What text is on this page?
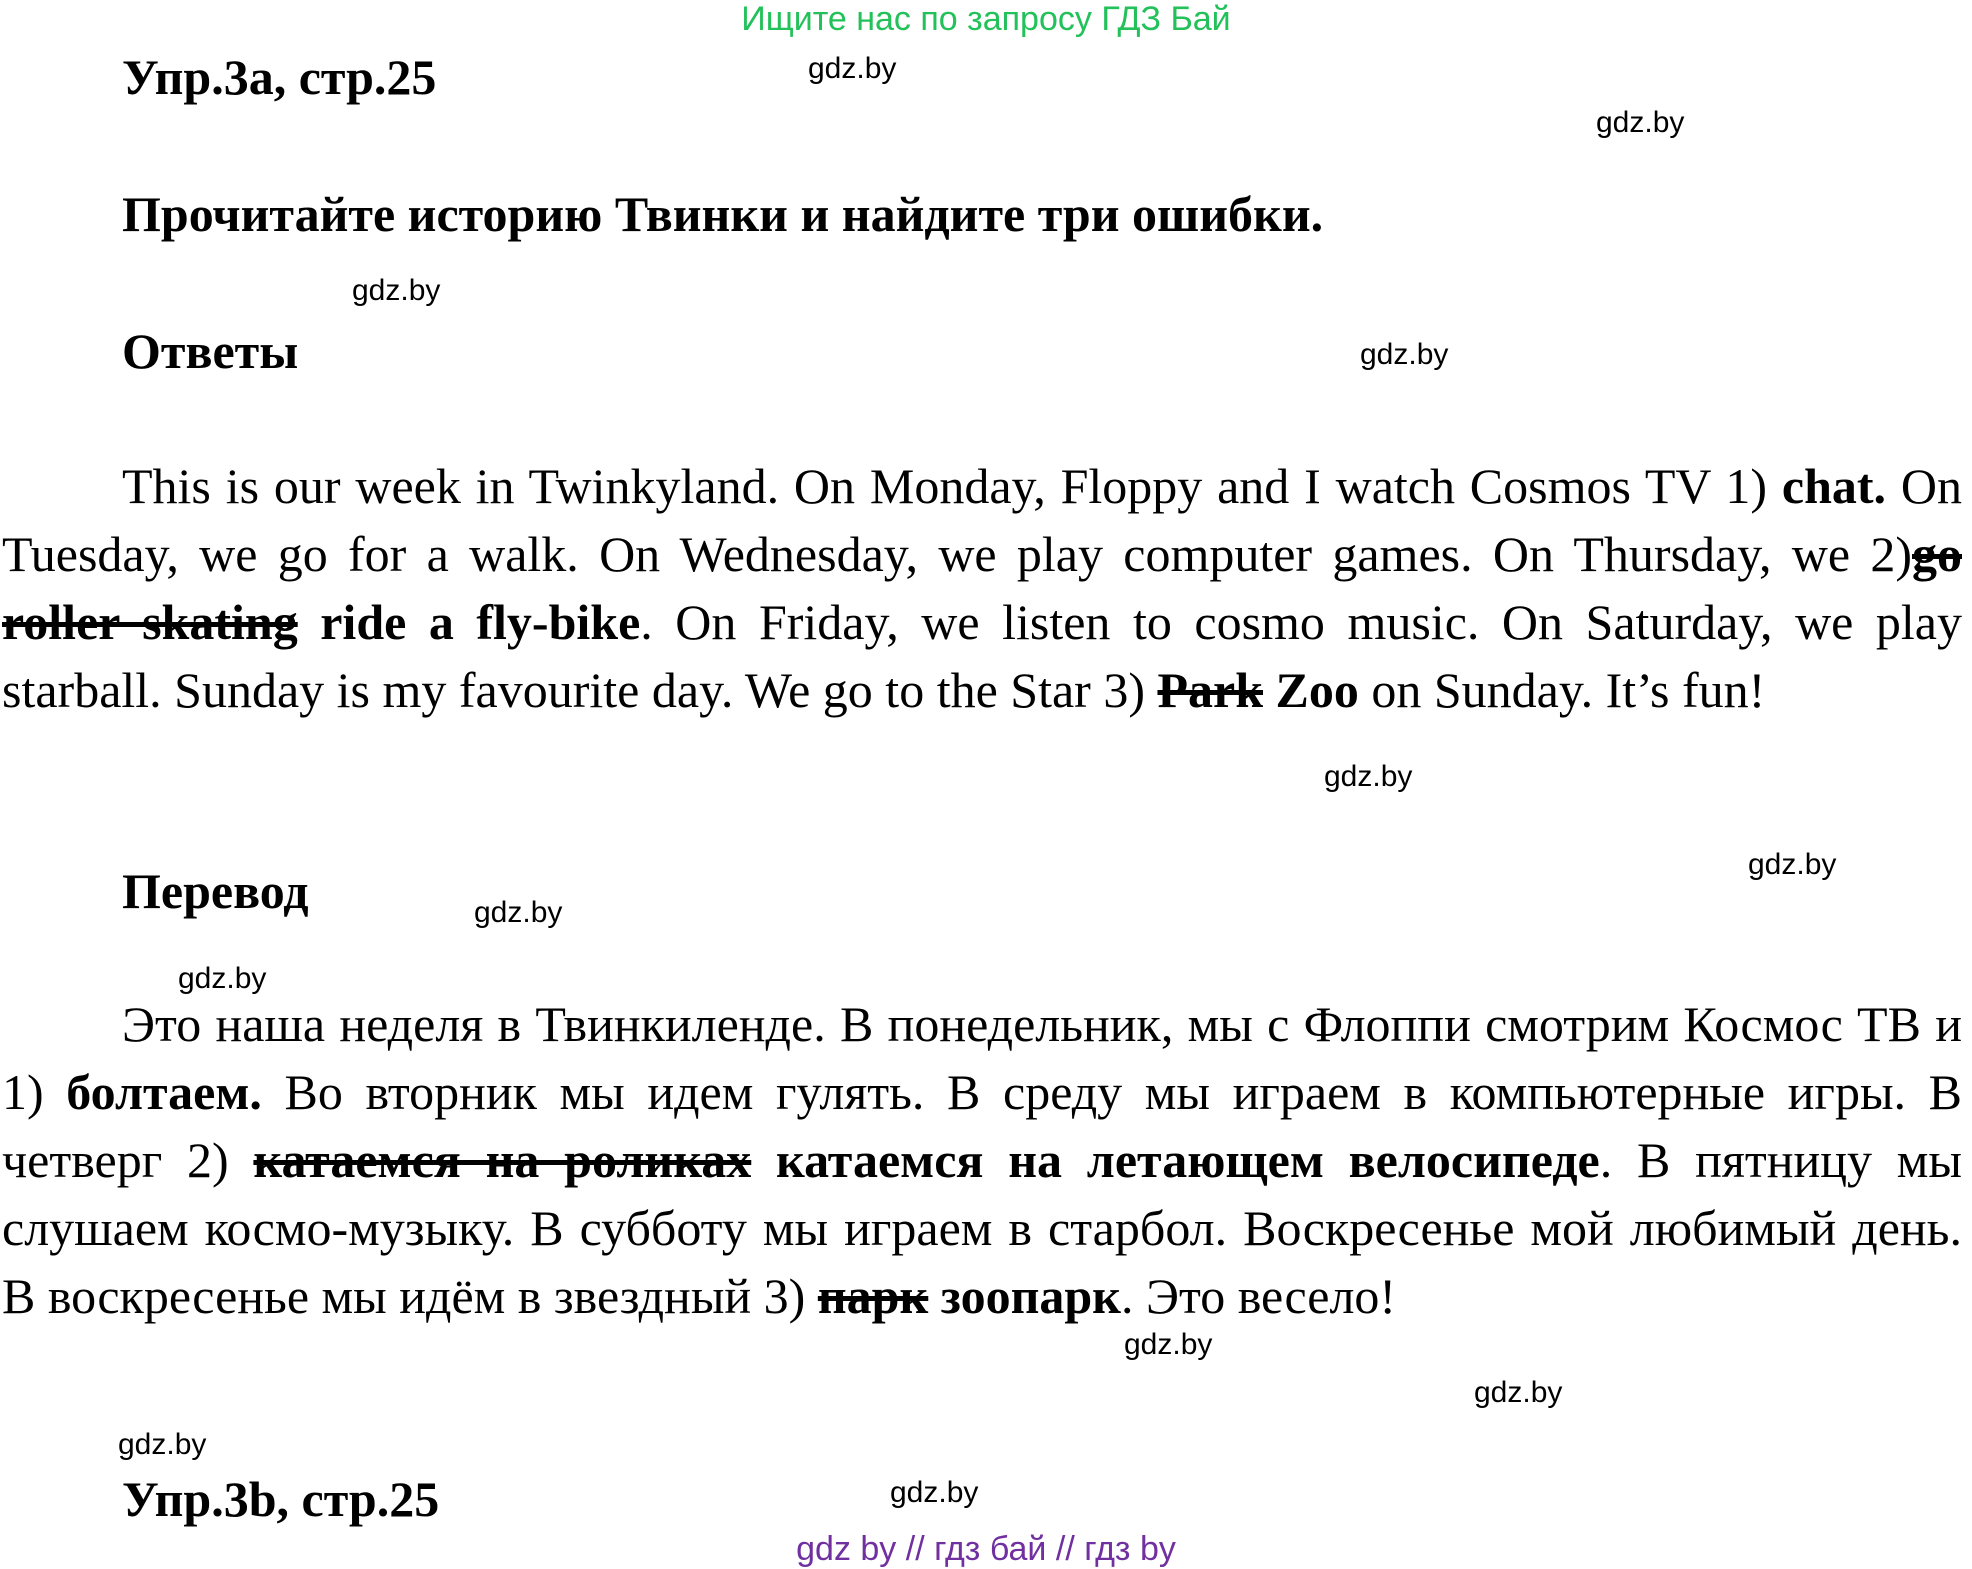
Ищите нас по запросу ГДЗ Бай
Упр.3а, стр.25
Прочитайте историю Твинки и найдите три ошибки.
Ответы
This is our week in Twinkyland. On Monday, Floppy and I watch Cosmos TV 1) chat. On Tuesday, we go for a walk. On Wednesday, we play computer games. On Thursday, we 2)go roller skating ride a fly-bike. On Friday, we listen to cosmo music. On Saturday, we play starball. Sunday is my favourite day. We go to the Star 3) Park Zoo on Sunday. It’s fun!
Перевод
Это наша неделя в Твинкиленде. В понедельник, мы с Флоппи смотрим Космос ТВ и 1) болтаем. Во вторник мы идем гулять. В среду мы играем в компьютерные игры. В четверг 2) катаемся на роликах катаемся на летающем велосипеде. В пятницу мы слушаем космо-музыку. В субботу мы играем в старбол. Воскресенье мой любимый день. В воскресенье мы идём в звездный 3) парк зоопарк. Это весело!
Упр.3b, стр.25
gdz.by
gdz.by
gdz.by
gdz.by
gdz.by
gdz.by
gdz.by
gdz.by
gdz.by
gdz.by
gdz.by
gdz.by
gdz by // гдз бай // гдз by
